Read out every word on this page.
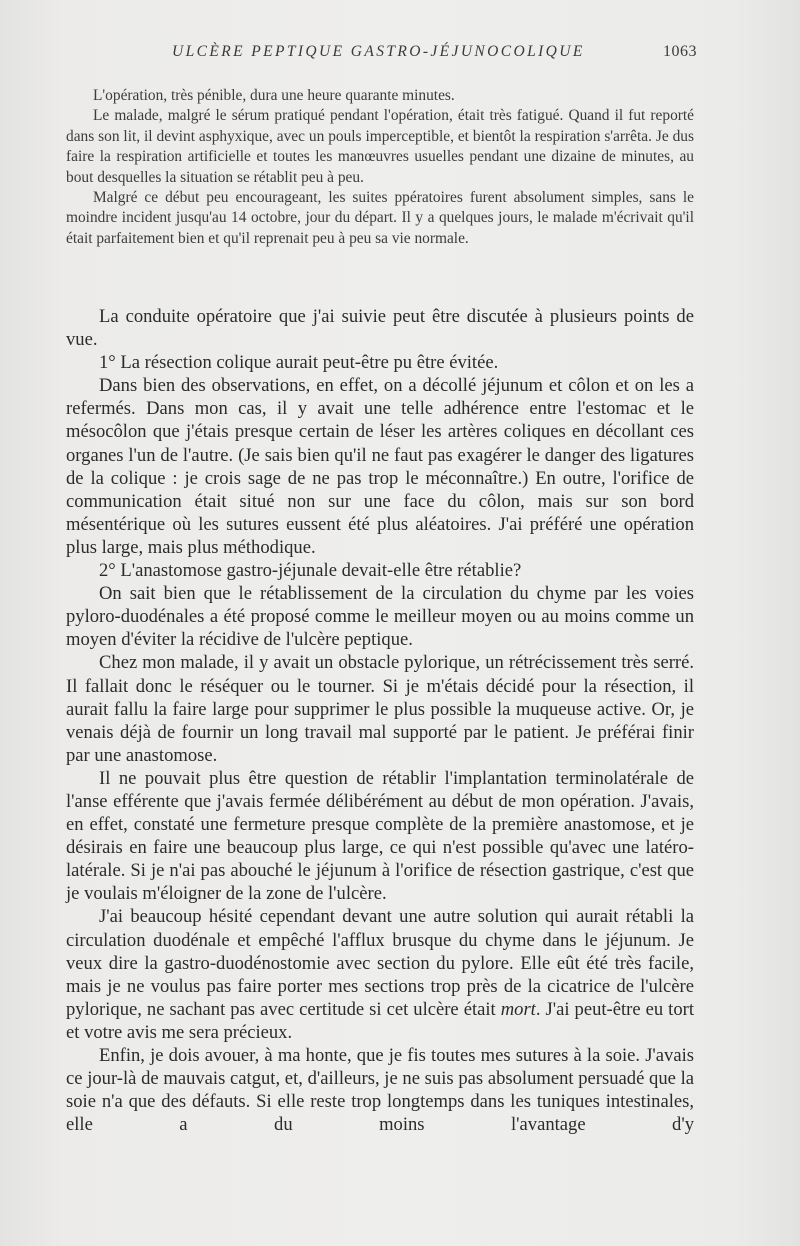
ULCÈRE PEPTIQUE GASTRO-JÉJUNOCOLIQUE	1063

L'opération, très pénible, dura une heure quarante minutes.

Le malade, malgré le sérum pratiqué pendant l'opération, était très fatigué. Quand il fut reporté dans son lit, il devint asphyxique, avec un pouls imperceptible, et bientôt la respiration s'arrêta. Je dus faire la respiration artificielle et toutes les manœuvres usuelles pendant une dizaine de minutes, au bout desquelles la situation se rétablit peu à peu.

Malgré ce début peu encourageant, les suites ppératoires furent absolument simples, sans le moindre incident jusqu'au 14 octobre, jour du départ. Il y a quelques jours, le malade m'écrivait qu'il était parfaitement bien et qu'il reprenait peu à peu sa vie normale.

La conduite opératoire que j'ai suivie peut être discutée à plusieurs points de vue.

1° La résection colique aurait peut-être pu être évitée.

Dans bien des observations, en effet, on a décollé jéjunum et côlon et on les a refermés. Dans mon cas, il y avait une telle adhérence entre l'estomac et le mésocôlon que j'étais presque certain de léser les artères coliques en décollant ces organes l'un de l'autre. (Je sais bien qu'il ne faut pas exagérer le danger des ligatures de la colique : je crois sage de ne pas trop le méconnaître.) En outre, l'orifice de communication était situé non sur une face du côlon, mais sur son bord mésentérique où les sutures eussent été plus aléatoires. J'ai préféré une opération plus large, mais plus méthodique.

2° L'anastomose gastro-jéjunale devait-elle être rétablie?

On sait bien que le rétablissement de la circulation du chyme par les voies pyloro-duodénales a été proposé comme le meilleur moyen ou au moins comme un moyen d'éviter la récidive de l'ulcère peptique.

Chez mon malade, il y avait un obstacle pylorique, un rétrécissement très serré. Il fallait donc le réséquer ou le tourner. Si je m'étais décidé pour la résection, il aurait fallu la faire large pour supprimer le plus possible la muqueuse active. Or, je venais déjà de fournir un long travail mal supporté par le patient. Je préférai finir par une anastomose.

Il ne pouvait plus être question de rétablir l'implantation terminolatérale de l'anse efférente que j'avais fermée délibérément au début de mon opération. J'avais, en effet, constaté une fermeture presque complète de la première anastomose, et je désirais en faire une beaucoup plus large, ce qui n'est possible qu'avec une latéro-latérale. Si je n'ai pas abouché le jéjunum à l'orifice de résection gastrique, c'est que je voulais m'éloigner de la zone de l'ulcère.

J'ai beaucoup hésité cependant devant une autre solution qui aurait rétabli la circulation duodénale et empêché l'afflux brusque du chyme dans le jéjunum. Je veux dire la gastro-duodénostomie avec section du pylore. Elle eût été très facile, mais je ne voulus pas faire porter mes sections trop près de la cicatrice de l'ulcère pylorique, ne sachant pas avec certitude si cet ulcère était mort. J'ai peut-être eu tort et votre avis me sera précieux.

Enfin, je dois avouer, à ma honte, que je fis toutes mes sutures à la soie. J'avais ce jour-là de mauvais catgut, et, d'ailleurs, je ne suis pas absolument persuadé que la soie n'a que des défauts. Si elle reste trop longtemps dans les tuniques intestinales, elle a du moins l'avantage d'y
